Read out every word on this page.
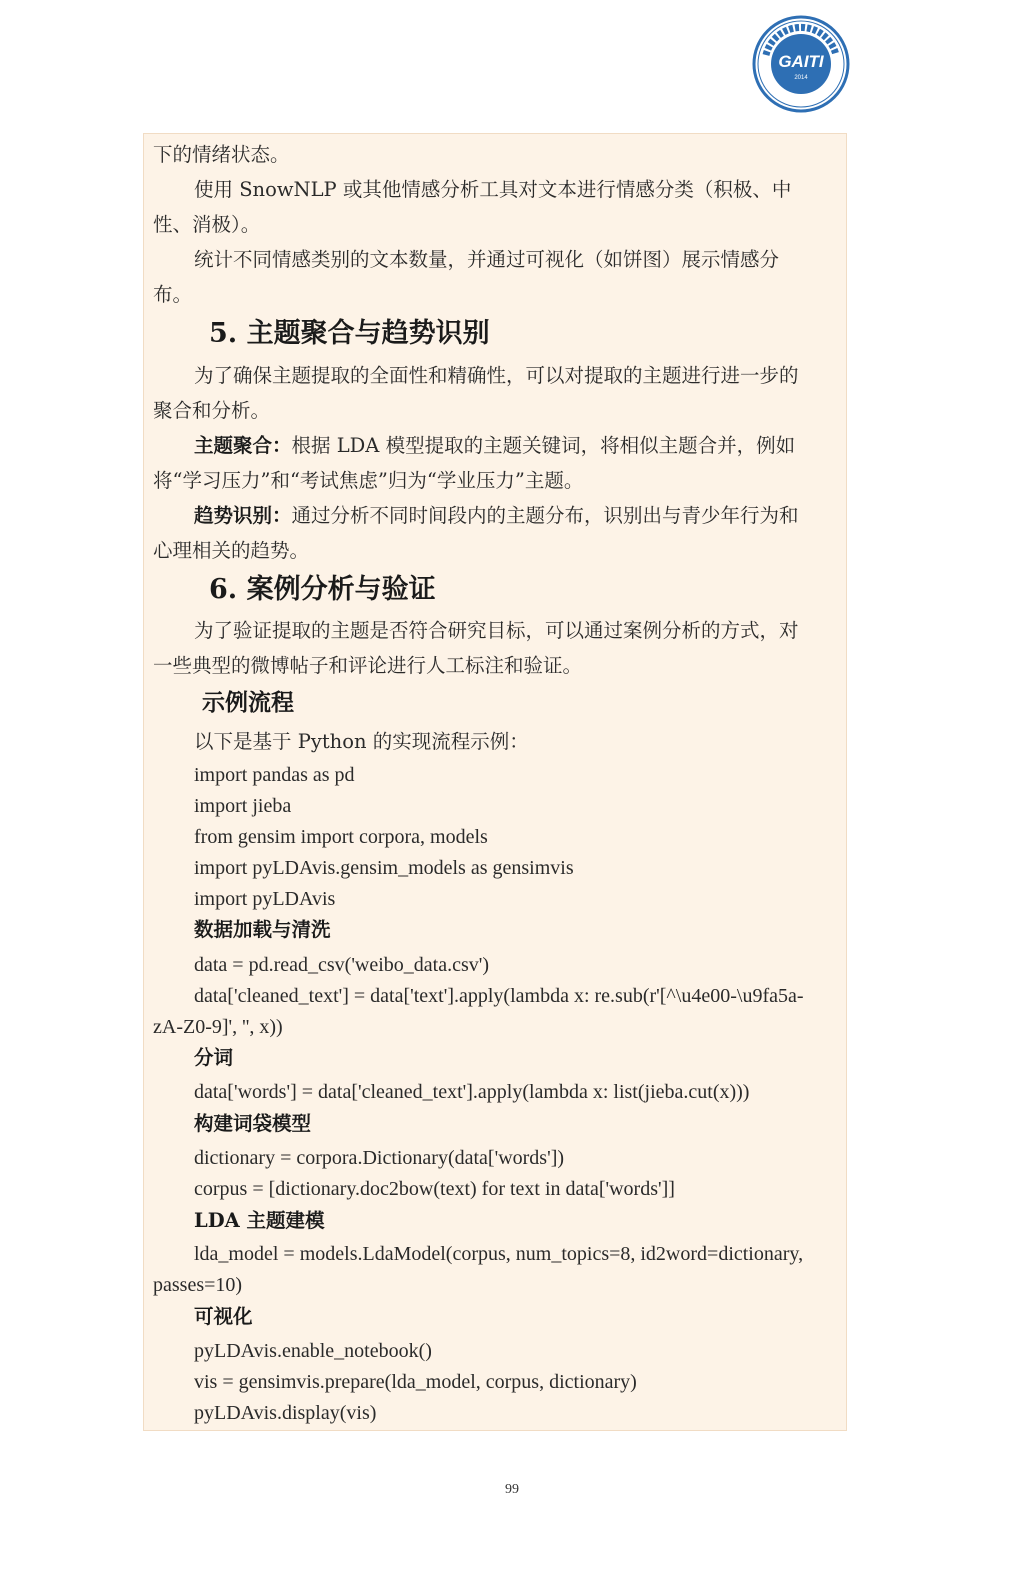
GAITI
2014
下的情绪状态。
使用 SnowNLP 或其他情感分析工具对文本进行情感分类（积极、中
性、消极）。
统计不同情感类别的文本数量，并通过可视化（如饼图）展示情感分
布。
5. 主题聚合与趋势识别
为了确保主题提取的全面性和精确性，可以对提取的主题进行进一步的
聚合和分析。
主题聚合：根据 LDA 模型提取的主题关键词，将相似主题合并，例如
将“学习压力”和“考试焦虑”归为“学业压力”主题。
趋势识别：通过分析不同时间段内的主题分布，识别出与青少年行为和
心理相关的趋势。
6. 案例分析与验证
为了验证提取的主题是否符合研究目标，可以通过案例分析的方式，对
一些典型的微博帖子和评论进行人工标注和验证。
示例流程
以下是基于 Python 的实现流程示例：
import pandas as pd
import jieba
from gensim import corpora, models
import pyLDAvis.gensim_models as gensimvis
import pyLDAvis
数据加载与清洗
data = pd.read_csv('weibo_data.csv')
data['cleaned_text'] = data['text'].apply(lambda x: re.sub(r'[^\u4e00-\u9fa5a-
zA-Z0-9]', '', x))
分词
data['words'] = data['cleaned_text'].apply(lambda x: list(jieba.cut(x)))
构建词袋模型
dictionary = corpora.Dictionary(data['words'])
corpus = [dictionary.doc2bow(text) for text in data['words']]
LDA 主题建模
lda_model = models.LdaModel(corpus, num_topics=8, id2word=dictionary,
passes=10)
可视化
pyLDAvis.enable_notebook()
vis = gensimvis.prepare(lda_model, corpus, dictionary)
pyLDAvis.display(vis)
99
